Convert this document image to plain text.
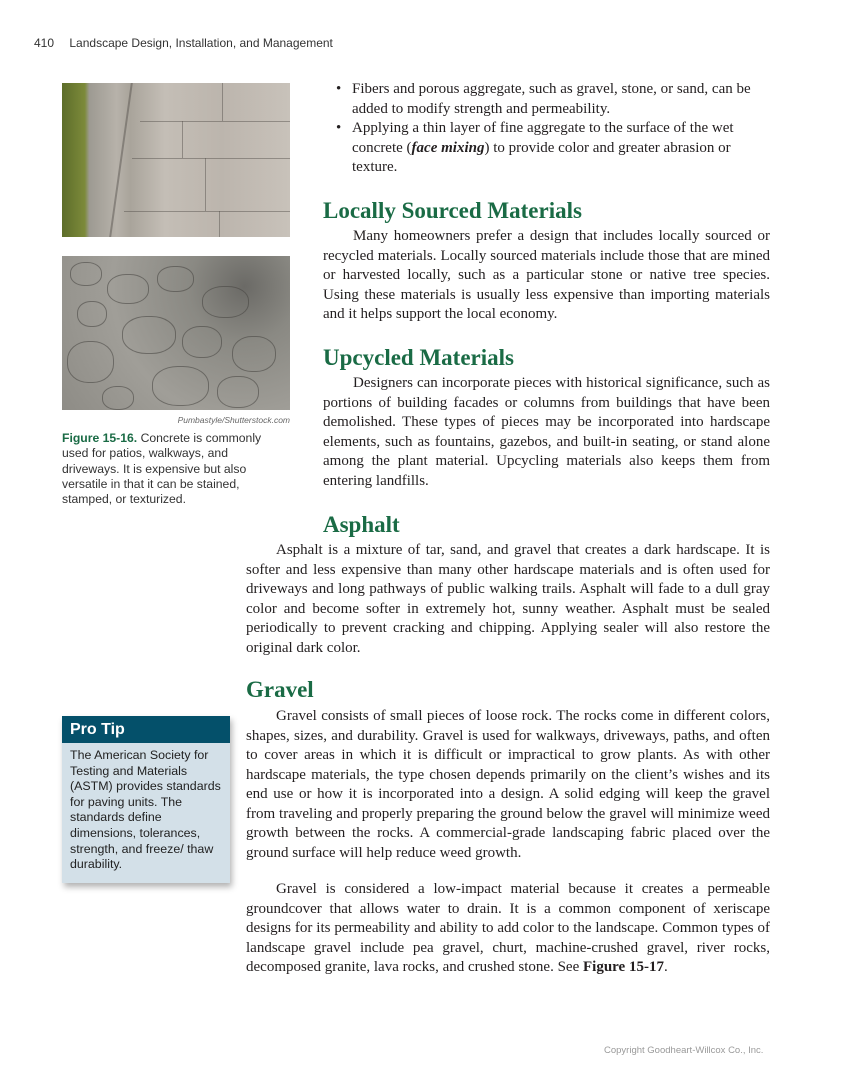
410 Landscape Design, Installation, and Management
Pumbastyle/Shutterstock.com
Figure 15-16. Concrete is commonly used for patios, walkways, and driveways. It is expensive but also versatile in that it can be stained, stamped, or texturized.
Pro Tip
The American Society for Testing and Materials (ASTM) provides standards for paving units. The standards define dimensions, tolerances, strength, and freeze/ thaw durability.
• Fibers and porous aggregate, such as gravel, stone, or sand, can be added to modify strength and permeability.
• Applying a thin layer of fine aggregate to the surface of the wet concrete (face mixing) to provide color and greater abrasion or texture.
Locally Sourced Materials

Many homeowners prefer a design that includes locally sourced or recycled materials. Locally sourced materials include those that are mined or harvested locally, such as a particular stone or native tree species. Using these materials is usually less expensive than importing materials and it helps support the local economy.

Upcycled Materials

Designers can incorporate pieces with historical significance, such as portions of building facades or columns from buildings that have been demolished. These types of pieces may be incorporated into hardscape elements, such as fountains, gazebos, and built-in seating, or stand alone among the plant material. Upcycling materials also keeps them from entering landfills.

Asphalt

Asphalt is a mixture of tar, sand, and gravel that creates a dark hardscape. It is softer and less expensive than many other hardscape materials and is often used for driveways and long pathways of public walking trails. Asphalt will fade to a dull gray color and become softer in extremely hot, sunny weather. Asphalt must be sealed periodically to prevent cracking and chipping. Applying sealer will also restore the original dark color.

Gravel

Gravel consists of small pieces of loose rock. The rocks come in different colors, shapes, sizes, and durability. Gravel is used for walkways, driveways, paths, and often to cover areas in which it is difficult or impractical to grow plants. As with other hardscape materials, the type chosen depends primarily on the client’s wishes and its end use or how it is incorporated into a design. A solid edging will keep the gravel from traveling and properly preparing the ground below the gravel will minimize weed growth between the rocks. A commercial-grade landscaping fabric placed over the ground surface will help reduce weed growth.

Gravel is considered a low-impact material because it creates a permeable groundcover that allows water to drain. It is a common component of xeriscape designs for its permeability and ability to add color to the landscape. Common types of landscape gravel include pea gravel, churt, machine-crushed gravel, river rocks, decomposed granite, lava rocks, and crushed stone. See Figure 15-17.

Copyright Goodheart-Willcox Co., Inc.
